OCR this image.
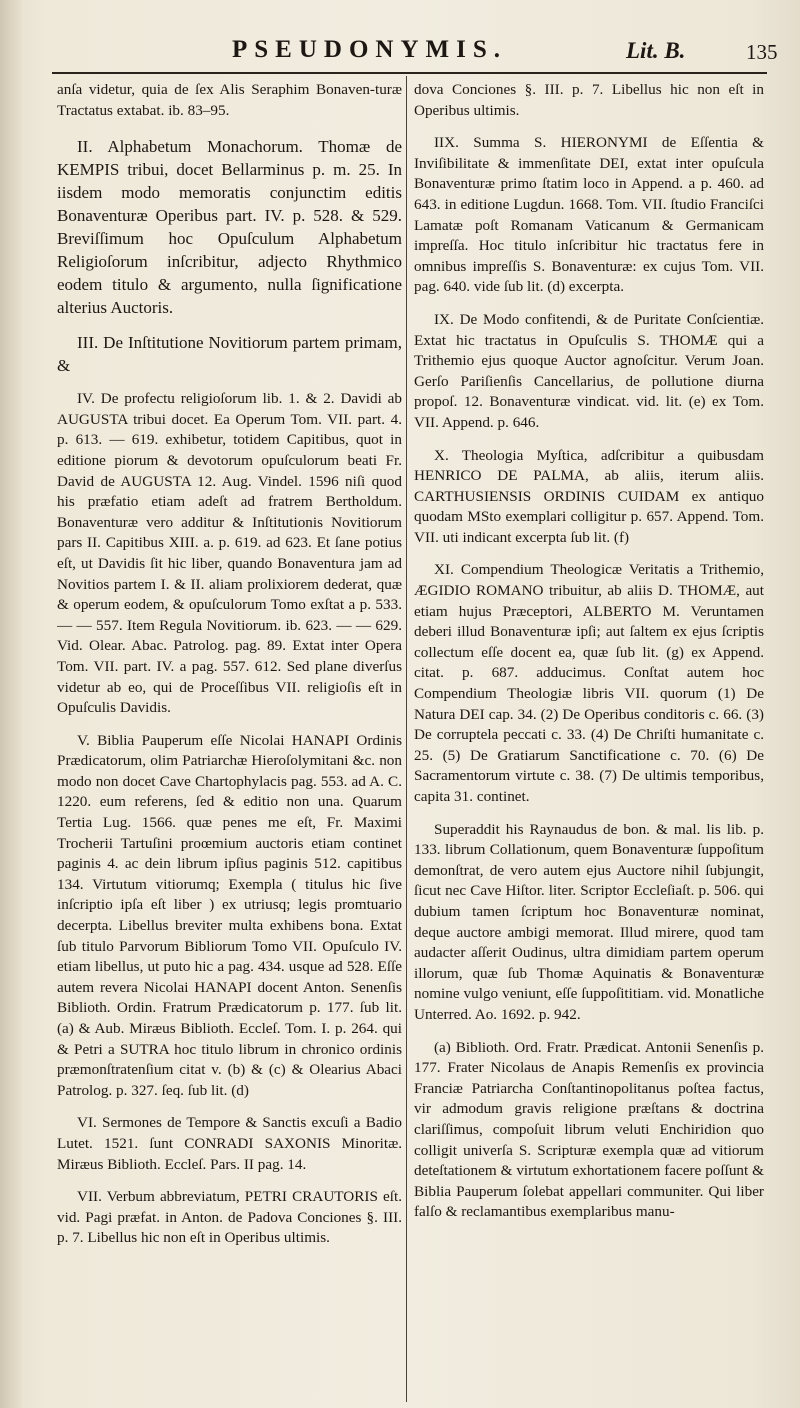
PSEUDONYMIS.	Lit. B.	135

anſa videtur, quia de ſex Alis Seraphim Bonaven-turæ Tractatus extabat. ib. 83–95.

II. Alphabetum Monachorum. Thomæ de KEMPIS tribui, docet Bellarminus p. m. 25. In iisdem modo memoratis conjunctim editis Bonaventuræ Operibus part. IV. p. 528. & 529. Breviſſimum hoc Opuſculum Alphabetum Religioſorum inſcribitur, adjecto Rhythmico eodem titulo & argumento, nulla ſignificatione alterius Auctoris.

III. De Inſtitutione Novitiorum partem primam, &

IV. De profectu religioſorum lib. 1. & 2. Davidi ab AUGUSTA tribui docet. Ea Operum Tom. VII. part. 4. p. 613. — 619. exhibetur, totidem Capitibus, quot in editione piorum & devotorum opuſculorum beati Fr. David de AUGUSTA 12. Aug. Vindel. 1596 niſi quod his præfatio etiam adeſt ad fratrem Bertholdum. Bonaventuræ vero additur & Inſtitutionis Novitiorum pars II. Capitibus XIII. a. p. 619. ad 623. Et ſane potius eſt, ut Davidis ſit hic liber, quando Bonaventura jam ad Novitios partem I. & II. aliam prolixiorem dederat, quæ & operum eodem, & opuſculorum Tomo exſtat a p. 533. — — 557. Item Regula Novitiorum. ib. 623. — — 629. Vid. Olear. Abac. Patrolog. pag. 89. Extat inter Opera Tom. VII. part. IV. a pag. 557. 612. Sed plane diverſus videtur ab eo, qui de Proceſſibus VII. religioſis eſt in Opuſculis Davidis.

V. Biblia Pauperum eſſe Nicolai HANAPI Ordinis Prædicatorum, olim Patriarchæ Hieroſolymitani &c. non modo non docet Cave Chartophylacis pag. 553. ad A. C. 1220. eum referens, ſed & editio non una. Quarum Tertia Lug. 1566. quæ penes me eſt, Fr. Maximi Trocherii Tartuſini proœmium auctoris etiam continet paginis 4. ac dein librum ipſius paginis 512. capitibus 134. Virtutum vitiorumq; Exempla ( titulus hic ſive inſcriptio ipſa eſt liber ) ex utriusq; legis promtuario decerpta. Libellus breviter multa exhibens bona. Extat ſub titulo Parvorum Bibliorum Tomo VII. Opuſculo IV. etiam libellus, ut puto hic a pag. 434. usque ad 528. Eſſe autem revera Nicolai HANAPI docent Anton. Senenſis Biblioth. Ordin. Fratrum Prædicatorum p. 177. ſub lit. (a) & Aub. Miræus Biblioth. Eccleſ. Tom. I. p. 264. qui & Petri a SUTRA hoc titulo librum in chronico ordinis præmonſtratenſium citat v. (b) & (c) & Olearius Abaci Patrolog. p. 327. ſeq. ſub lit. (d)

VI. Sermones de Tempore & Sanctis excuſi a Badio Lutet. 1521. ſunt CONRADI SAXONIS Minoritæ. Miræus Biblioth. Eccleſ. Pars. II pag. 14.

VII. Verbum abbreviatum, PETRI CRAUTORIS eſt. vid. Pagi præfat. in Anton. de Padova Conciones §. III. p. 7. Libellus hic non eſt in Operibus ultimis.

dova Conciones §. III. p. 7. Libellus hic non eſt in Operibus ultimis.

IIX. Summa S. HIERONYMI de Eſſentia & Inviſibilitate & immenſitate DEI, extat inter opuſcula Bonaventuræ primo ſtatim loco in Append. a p. 460. ad 643. in editione Lugdun. 1668. Tom. VII. ſtudio Franciſci Lamatæ poſt Romanam Vaticanum & Germanicam impreſſa. Hoc titulo inſcribitur hic tractatus fere in omnibus impreſſis S. Bonaventuræ: ex cujus Tom. VII. pag. 640. vide ſub lit. (d) excerpta.

IX. De Modo confitendi, & de Puritate Conſcientiæ. Extat hic tractatus in Opuſculis S. THOMÆ qui a Trithemio ejus quoque Auctor agnoſcitur. Verum Joan. Gerſo Pariſienſis Cancellarius, de pollutione diurna propoſ. 12. Bonaventuræ vindicat. vid. lit. (e) ex Tom. VII. Append. p. 646.

X. Theologia Myſtica, adſcribitur a quibusdam HENRICO DE PALMA, ab aliis, iterum aliis. CARTHUSIENSIS ORDINIS CUIDAM ex antiquo quodam MSto exemplari colligitur p. 657. Append. Tom. VII. uti indicant excerpta ſub lit. (f)

XI. Compendium Theologicæ Veritatis a Trithemio, ÆGIDIO ROMANO tribuitur, ab aliis D. THOMÆ, aut etiam hujus Præceptori, ALBERTO M. Veruntamen deberi illud Bonaventuræ ipſi; aut ſaltem ex ejus ſcriptis collectum eſſe docent ea, quæ ſub lit. (g) ex Append. citat. p. 687. adducimus. Conſtat autem hoc Compendium Theologiæ libris VII. quorum (1) De Natura DEI cap. 34. (2) De Operibus conditoris c. 66. (3) De corruptela peccati c. 33. (4) De Chriſti humanitate c. 25. (5) De Gratiarum Sanctificatione c. 70. (6) De Sacramentorum virtute c. 38. (7) De ultimis temporibus, capita 31. continet.

Superaddit his Raynaudus de bon. & mal. lis lib. p. 133. librum Collationum, quem Bonaventuræ ſuppoſitum demonſtrat, de vero autem ejus Auctore nihil ſubjungit, ſicut nec Cave Hiſtor. liter. Scriptor Eccleſiaſt. p. 506. qui dubium tamen ſcriptum hoc Bonaventuræ nominat, deque auctore ambigi memorat. Illud mirere, quod tam audacter aſſerit Oudinus, ultra dimidiam partem operum illorum, quæ ſub Thomæ Aquinatis & Bonaventuræ nomine vulgo veniunt, eſſe ſuppoſititiam. vid. Monatliche Unterred. Ao. 1692. p. 942.

(a) Biblioth. Ord. Fratr. Prædicat. Antonii Senenſis p. 177. Frater Nicolaus de Anapis Remenſis ex provincia Franciæ Patriarcha Conſtantinopolitanus poſtea factus, vir admodum gravis religione præſtans & doctrina clariſſimus, compoſuit librum veluti Enchiridion quo colligit univerſa S. Scripturæ exempla quæ ad vitiorum deteſtationem & virtutum exhortationem facere poſſunt & Biblia Pauperum ſolebat appellari communiter. Qui liber falſo & reclamantibus exemplaribus manu-
